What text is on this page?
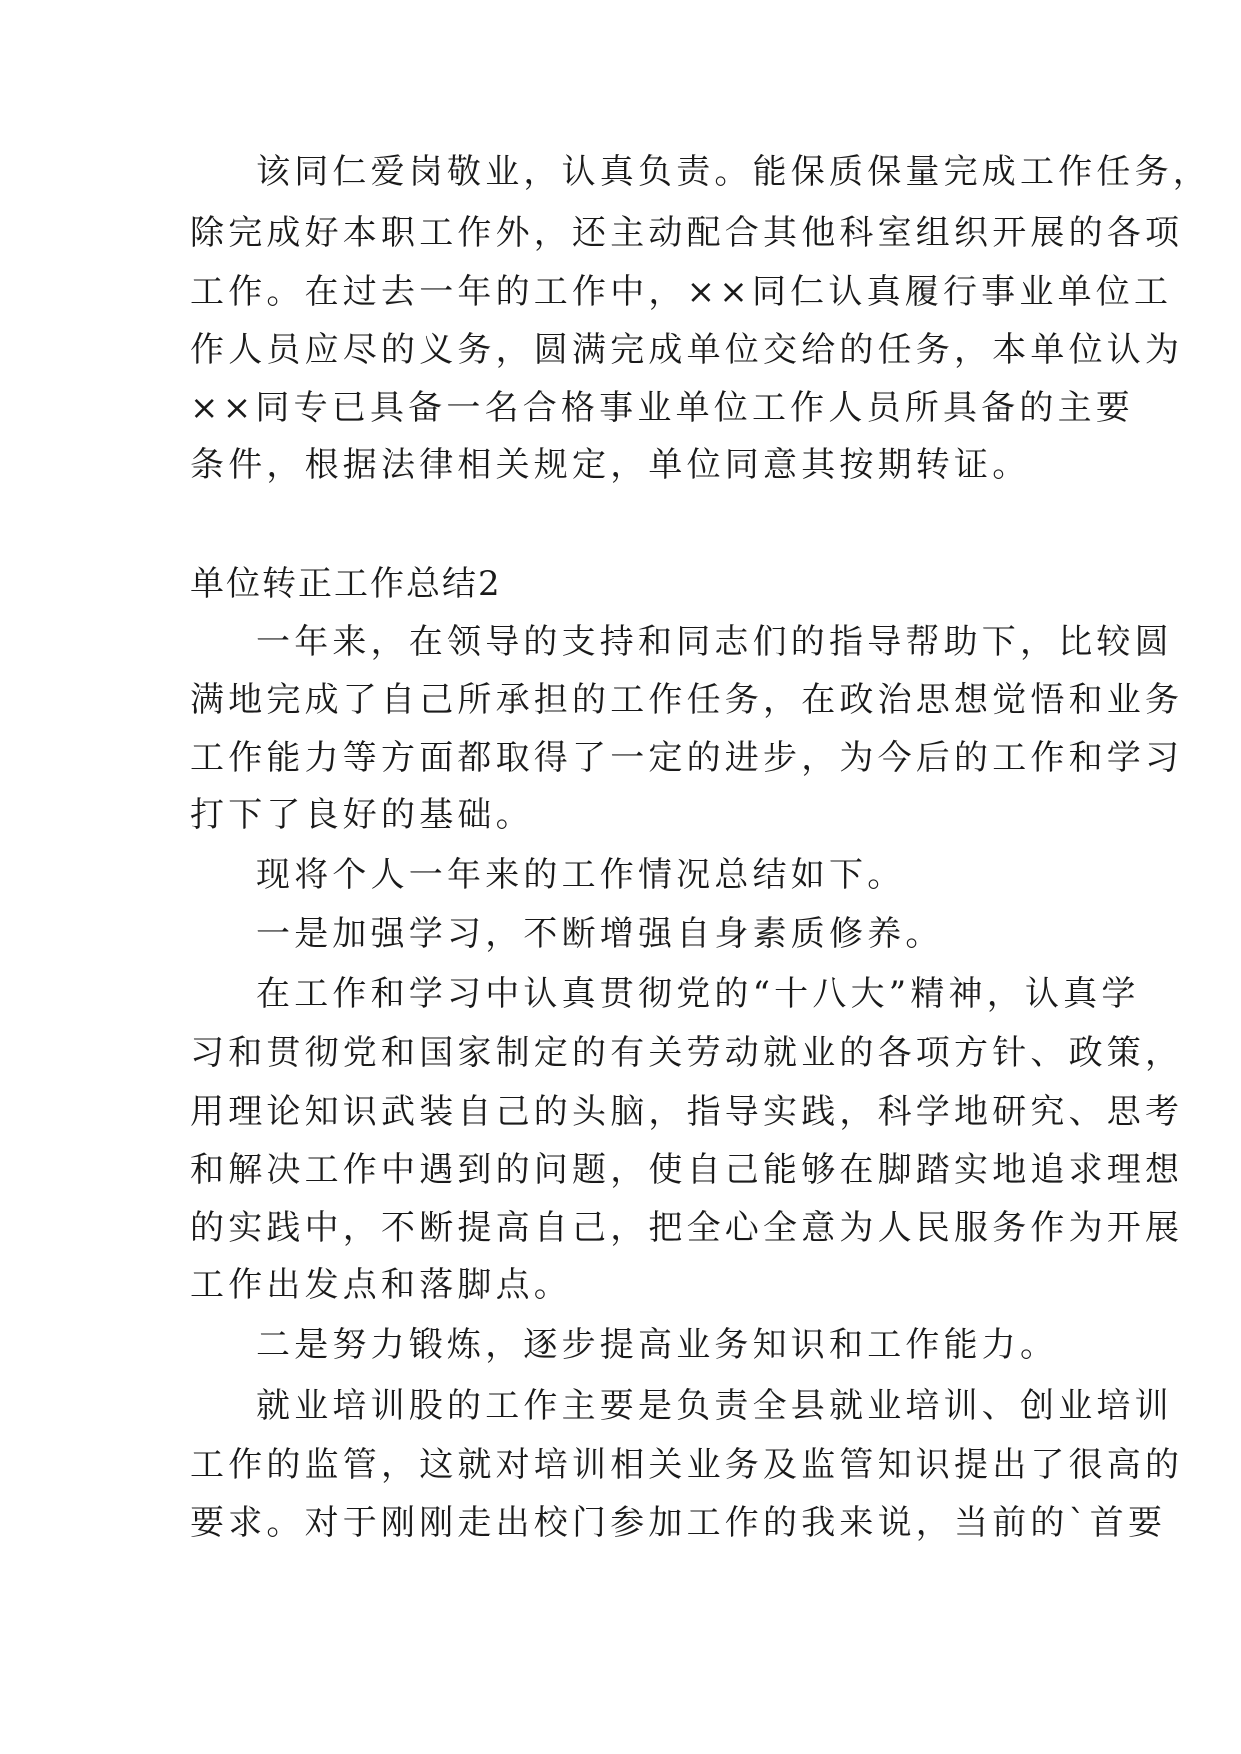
该同仁爱岗敬业，认真负责。能保质保量完成工作任务，
除完成好本职工作外，还主动配合其他科室组织开展的各项
工作。在过去一年的工作中，××同仁认真履行事业单位工
作人员应尽的义务，圆满完成单位交给的任务，本单位认为
××同专已具备一名合格事业单位工作人员所具备的主要
条件，根据法律相关规定，单位同意其按期转证。
单位转正工作总结2
一年来，在领导的支持和同志们的指导帮助下，比较圆
满地完成了自己所承担的工作任务，在政治思想觉悟和业务
工作能力等方面都取得了一定的进步，为今后的工作和学习
打下了良好的基础。
现将个人一年来的工作情况总结如下。
一是加强学习，不断增强自身素质修养。
在工作和学习中认真贯彻党的“十八大”精神，认真学
习和贯彻党和国家制定的有关劳动就业的各项方针、政策，
用理论知识武装自己的头脑，指导实践，科学地研究、思考
和解决工作中遇到的问题，使自己能够在脚踏实地追求理想
的实践中，不断提高自己，把全心全意为人民服务作为开展
工作出发点和落脚点。
二是努力锻炼，逐步提高业务知识和工作能力。
就业培训股的工作主要是负责全县就业培训、创业培训
工作的监管，这就对培训相关业务及监管知识提出了很高的
要求。对于刚刚走出校门参加工作的我来说，当前的`首要
